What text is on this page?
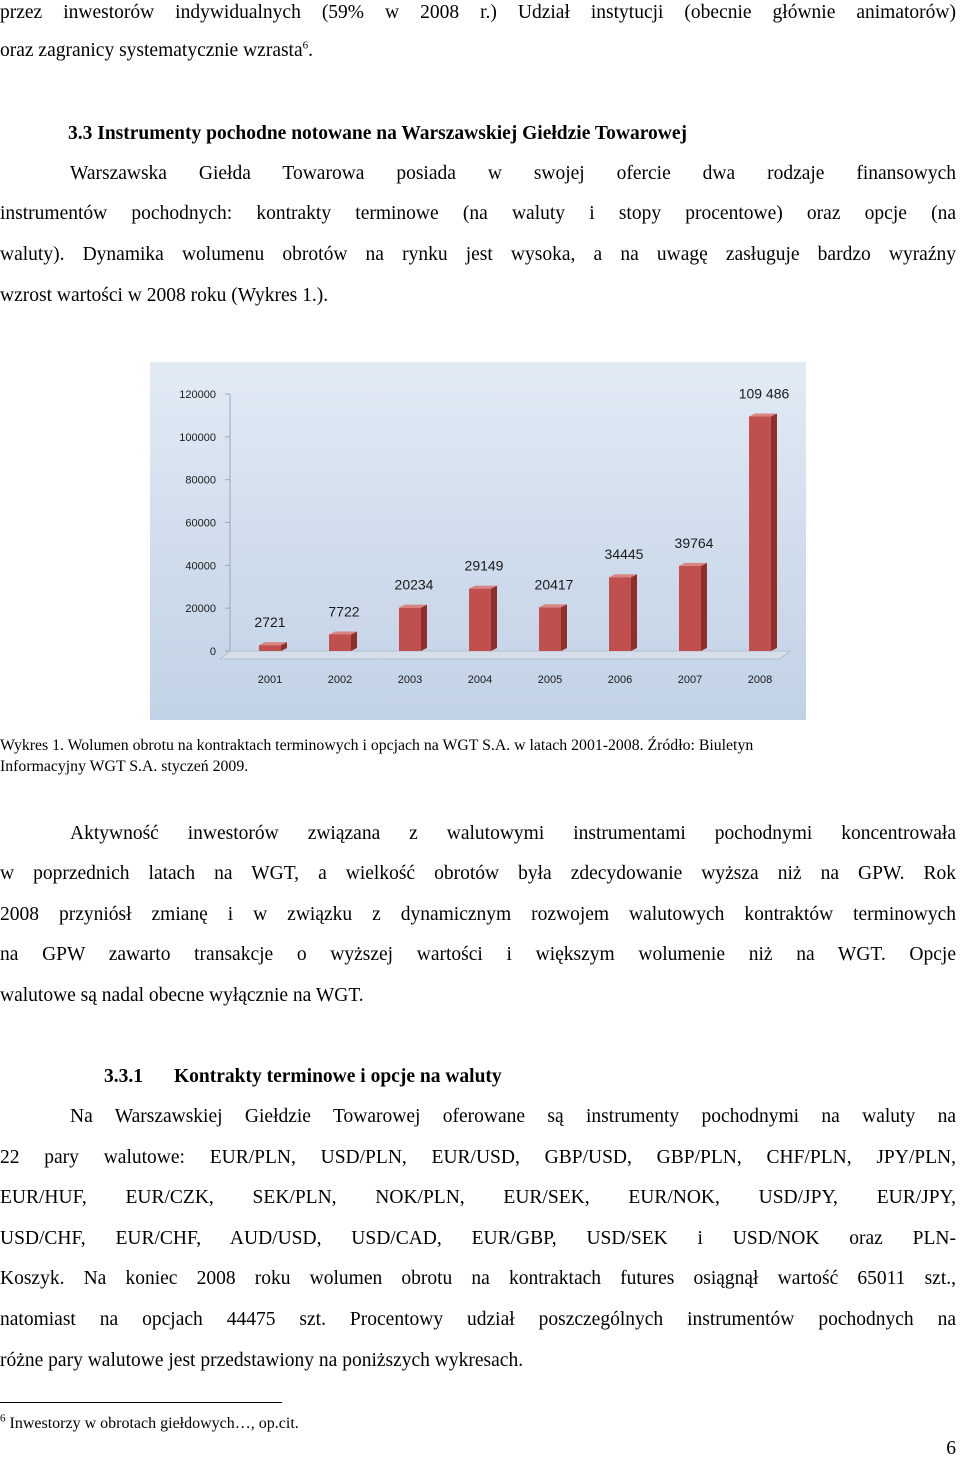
przez inwestorów indywidualnych (59% w 2008 r.) Udział instytucji (obecnie głównie animatorów)

oraz zagranicy systematycznie wzrasta$^6$.

3.3 Instrumenty pochodne notowane na Warszawskiej Giełdzie Towarowej

Warszawska Giełda Towarowa posiada w swojej ofercie dwa rodzaje finansowych

instrumentów pochodnych: kontrakty terminowe (na waluty i stopy procentowe) oraz opcje (na

waluty). Dynamika wolumenu obrotów na rynku jest wysoka, a na uwagę zasługuje bardzo wyraźny

wzrost wartości w 2008 roku (Wykres 1.).

0
20000
40000
60000
80000
100000
120000
2721
2001
7722
2002
20234
2003
29149
2004
20417
2005
34445
2006
39764
2007
109 486
2008

Wykres 1. Wolumen obrotu na kontraktach terminowych i opcjach na WGT S.A. w latach 2001-2008. Źródło: Biuletyn

Informacyjny WGT S.A. styczeń 2009.

Aktywność inwestorów związana z walutowymi instrumentami pochodnymi koncentrowała

w poprzednich latach na WGT, a wielkość obrotów była zdecydowanie wyższa niż na GPW. Rok

2008 przyniósł zmianę i w związku z dynamicznym rozwojem walutowych kontraktów terminowych

na GPW zawarto transakcje o wyższej wartości i większym wolumenie niż na WGT. Opcje

walutowe są nadal obecne wyłącznie na WGT.

3.3.1	Kontrakty terminowe i opcje na waluty

Na Warszawskiej Giełdzie Towarowej oferowane są instrumenty pochodnymi na waluty na

22 pary walutowe: EUR/PLN, USD/PLN, EUR/USD, GBP/USD, GBP/PLN, CHF/PLN, JPY/PLN,

EUR/HUF, EUR/CZK, SEK/PLN, NOK/PLN, EUR/SEK, EUR/NOK, USD/JPY, EUR/JPY,

USD/CHF, EUR/CHF, AUD/USD, USD/CAD, EUR/GBP, USD/SEK i USD/NOK oraz PLN-

Koszyk. Na koniec 2008 roku wolumen obrotu na kontraktach futures osiągnął wartość 65011 szt.,

natomiast na opcjach 44475 szt. Procentowy udział poszczególnych instrumentów pochodnych na

różne pary walutowe jest przedstawiony na poniższych wykresach.

$^6$ Inwestorzy w obrotach giełdowych…, op.cit.

6
